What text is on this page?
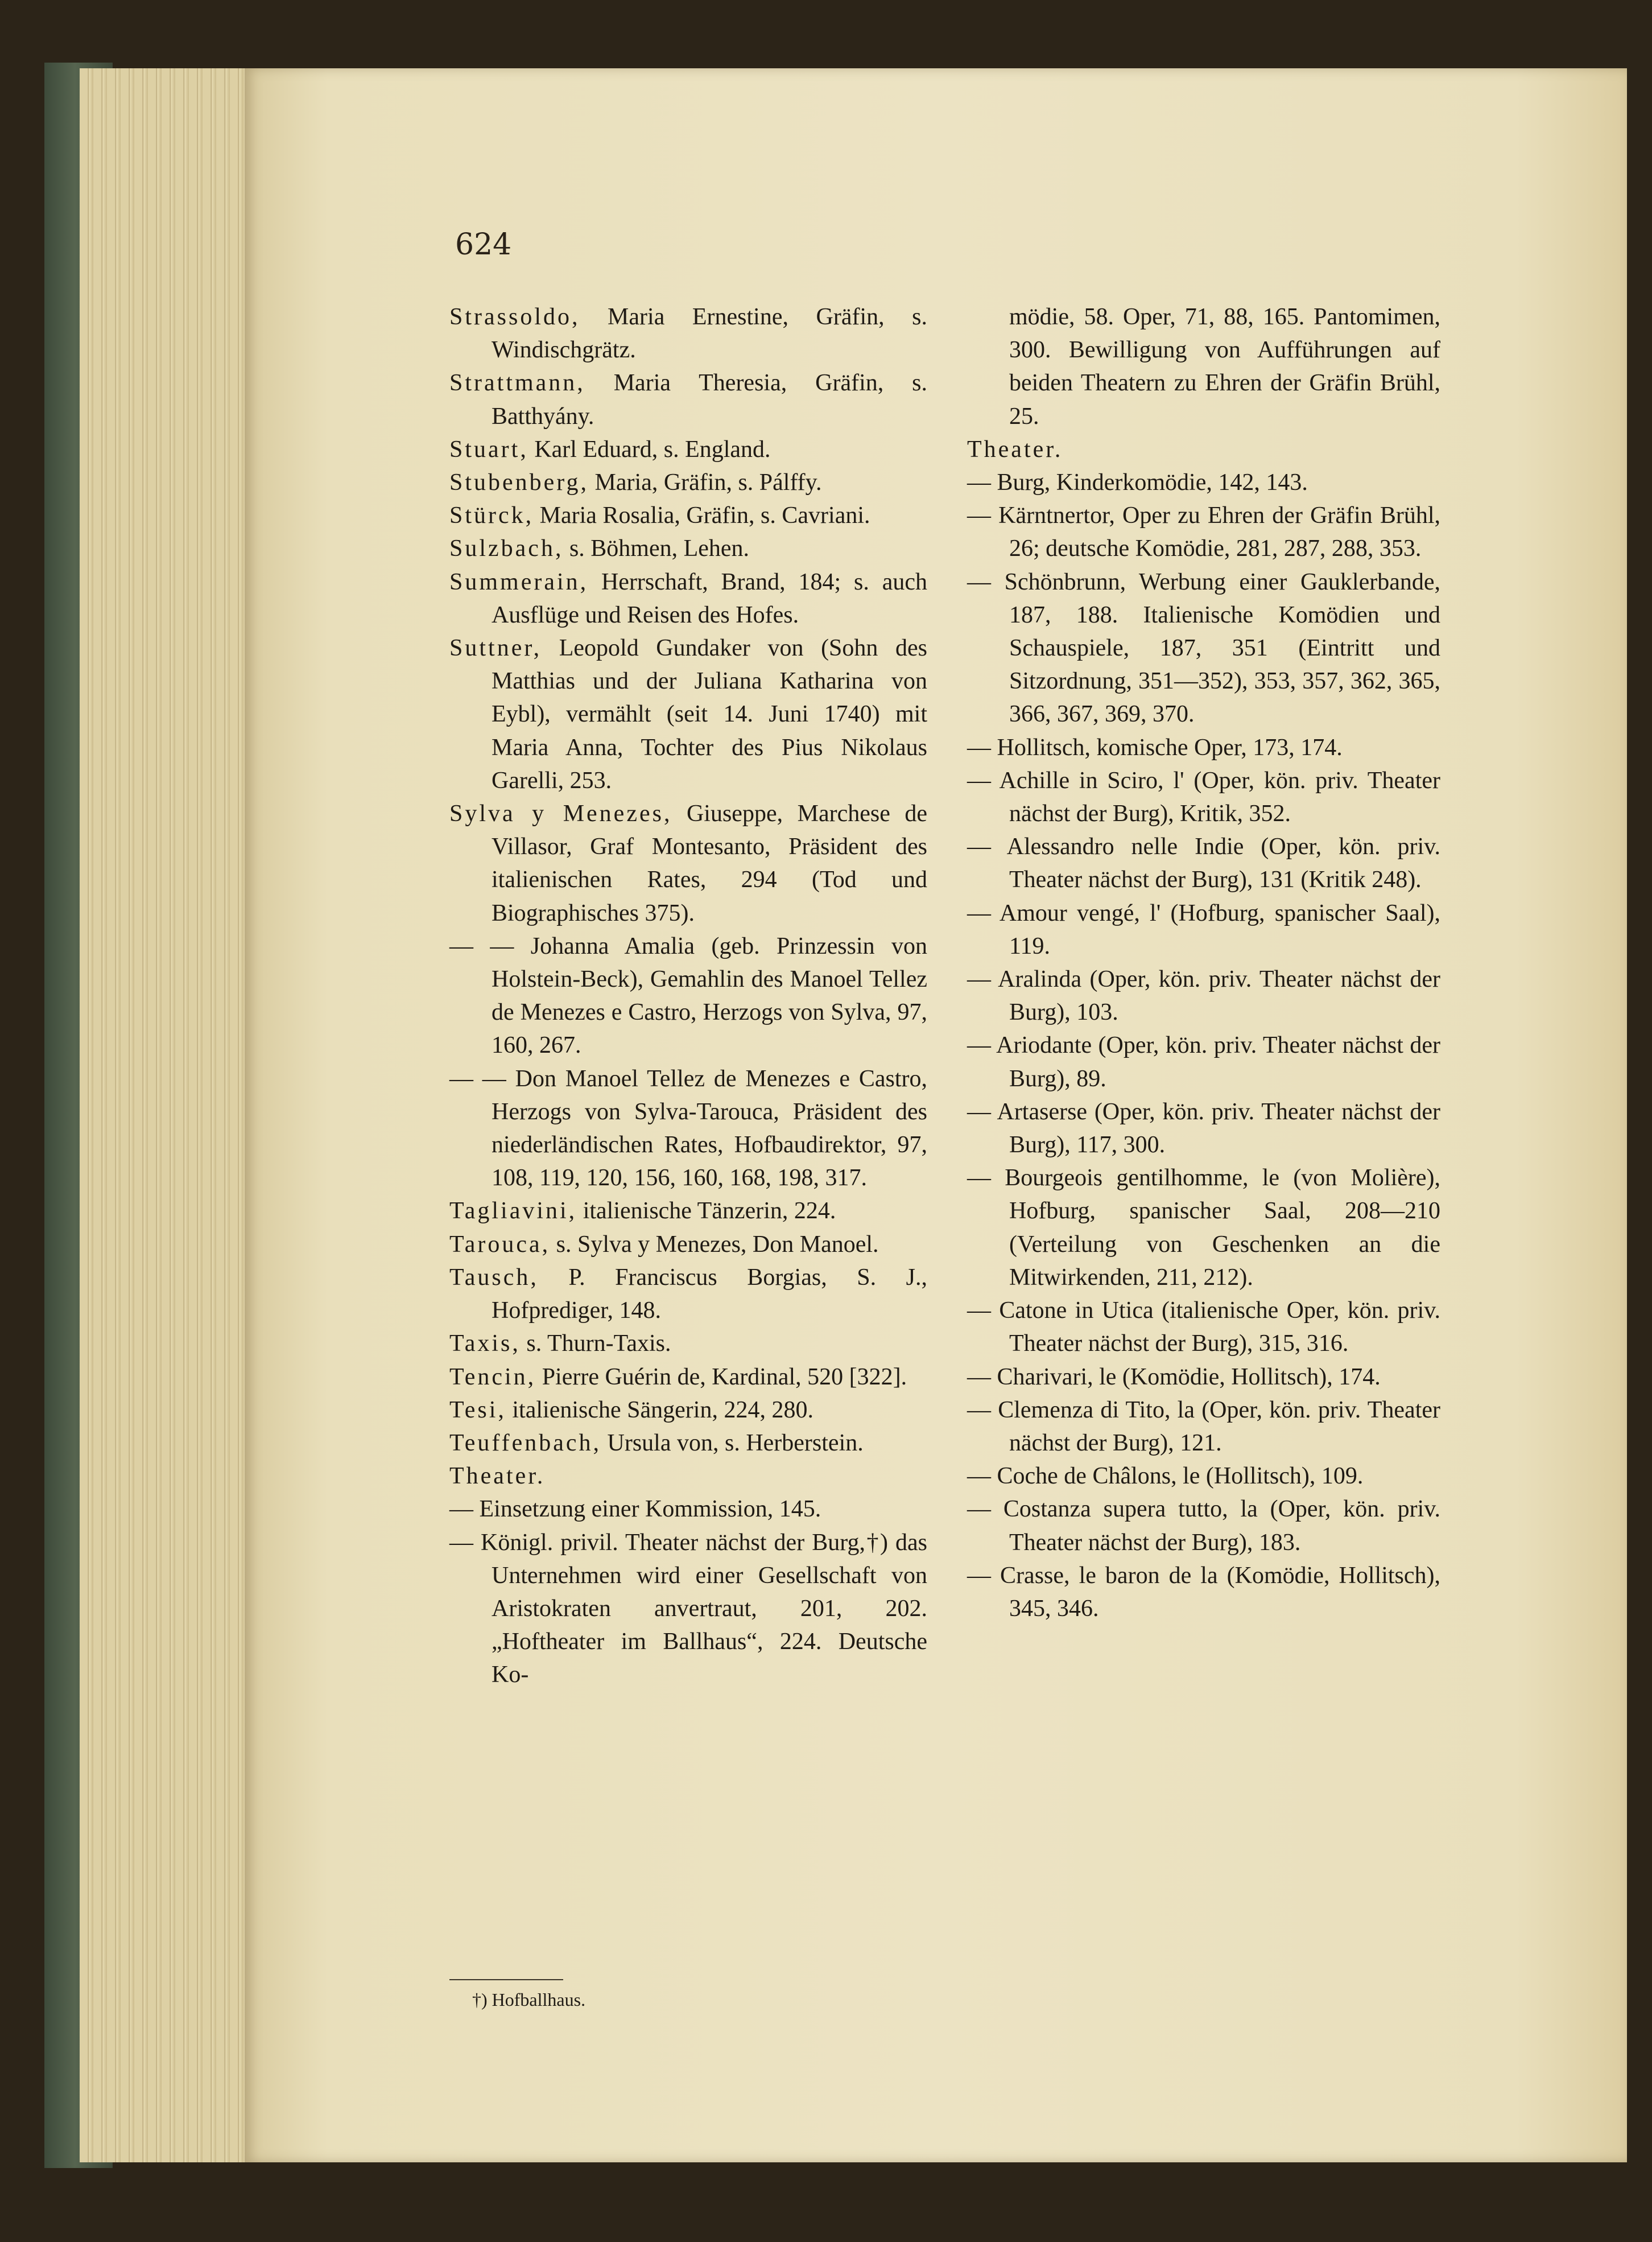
624

Strassoldo, Maria Ernestine, Gräfin, s. Windischgrätz.

Strattmann, Maria Theresia, Gräfin, s. Batthyány.

Stuart, Karl Eduard, s. England.

Stubenberg, Maria, Gräfin, s. Pálffy.

Stürck, Maria Rosalia, Gräfin, s. Cavriani.

Sulzbach, s. Böhmen, Lehen.

Summerain, Herrschaft, Brand, 184; s. auch Ausflüge und Reisen des Hofes.

Suttner, Leopold Gundaker von (Sohn des Matthias und der Juliana Katharina von Eybl), vermählt (seit 14. Juni 1740) mit Maria Anna, Tochter des Pius Nikolaus Garelli, 253.

Sylva y Menezes, Giuseppe, Marchese de Villasor, Graf Montesanto, Präsident des italienischen Rates, 294 (Tod und Biographisches 375).

— — Johanna Amalia (geb. Prinzessin von Holstein-Beck), Gemahlin des Manoel Tellez de Menezes e Castro, Herzogs von Sylva, 97, 160, 267.

— — Don Manoel Tellez de Menezes e Castro, Herzogs von Sylva-Tarouca, Präsident des niederländischen Rates, Hofbaudirektor, 97, 108, 119, 120, 156, 160, 168, 198, 317.

Tagliavini, italienische Tänzerin, 224.

Tarouca, s. Sylva y Menezes, Don Manoel.

Tausch, P. Franciscus Borgias, S. J., Hofprediger, 148.

Taxis, s. Thurn-Taxis.

Tencin, Pierre Guérin de, Kardinal, 520 [322].

Tesi, italienische Sängerin, 224, 280.

Teuffenbach, Ursula von, s. Herberstein.

Theater.

— Einsetzung einer Kommission, 145.

— Königl. privil. Theater nächst der Burg,†) das Unternehmen wird einer Gesellschaft von Aristokraten anvertraut, 201, 202. „Hoftheater im Ballhaus“, 224. Deutsche Ko-

mödie, 58. Oper, 71, 88, 165. Pantomimen, 300. Bewilligung von Aufführungen auf beiden Theatern zu Ehren der Gräfin Brühl, 25.

Theater.

— Burg, Kinderkomödie, 142, 143.

— Kärntnertor, Oper zu Ehren der Gräfin Brühl, 26; deutsche Komödie, 281, 287, 288, 353.

— Schönbrunn, Werbung einer Gauklerbande, 187, 188. Italienische Komödien und Schauspiele, 187, 351 (Eintritt und Sitzordnung, 351—352), 353, 357, 362, 365, 366, 367, 369, 370.

— Hollitsch, komische Oper, 173, 174.

— Achille in Sciro, l' (Oper, kön. priv. Theater nächst der Burg), Kritik, 352.

— Alessandro nelle Indie (Oper, kön. priv. Theater nächst der Burg), 131 (Kritik 248).

— Amour vengé, l' (Hofburg, spanischer Saal), 119.

— Aralinda (Oper, kön. priv. Theater nächst der Burg), 103.

— Ariodante (Oper, kön. priv. Theater nächst der Burg), 89.

— Artaserse (Oper, kön. priv. Theater nächst der Burg), 117, 300.

— Bourgeois gentilhomme, le (von Molière), Hofburg, spanischer Saal, 208—210 (Verteilung von Geschenken an die Mitwirkenden, 211, 212).

— Catone in Utica (italienische Oper, kön. priv. Theater nächst der Burg), 315, 316.

— Charivari, le (Komödie, Hollitsch), 174.

— Clemenza di Tito, la (Oper, kön. priv. Theater nächst der Burg), 121.

— Coche de Châlons, le (Hollitsch), 109.

— Costanza supera tutto, la (Oper, kön. priv. Theater nächst der Burg), 183.

— Crasse, le baron de la (Komödie, Hollitsch), 345, 346.

†) Hofballhaus.
